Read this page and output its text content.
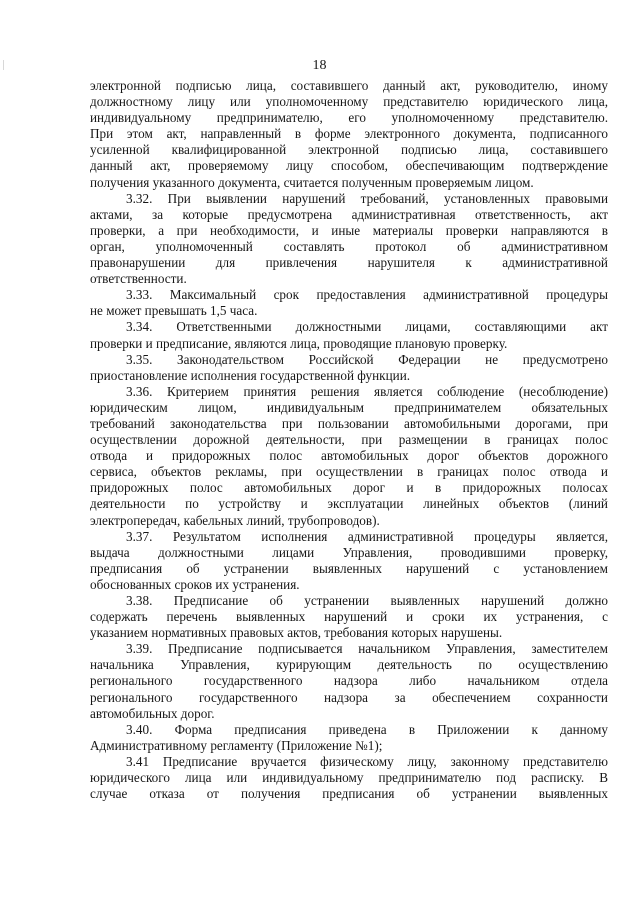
18
электронной подписью лица, составившего данный акт, руководителю, иному
должностному лицу или уполномоченному представителю юридического лица,
индивидуальному предпринимателю, его уполномоченному представителю.
При этом акт, направленный в форме электронного документа, подписанного
усиленной квалифицированной электронной подписью лица, составившего
данный акт, проверяемому лицу способом, обеспечивающим подтверждение
получения указанного документа, считается полученным проверяемым лицом.
3.32. При выявлении нарушений требований, установленных правовыми
актами, за которые предусмотрена административная ответственность, акт
проверки, а при необходимости, и иные материалы проверки направляются в
орган, уполномоченный составлять протокол об административном
правонарушении для привлечения нарушителя к административной
ответственности.
3.33. Максимальный срок предоставления административной процедуры
не может превышать 1,5 часа.
3.34. Ответственными должностными лицами, составляющими акт
проверки и предписание, являются лица, проводящие плановую проверку.
3.35. Законодательством Российской Федерации не предусмотрено
приостановление исполнения государственной функции.
3.36. Критерием принятия решения является соблюдение (несоблюдение)
юридическим лицом, индивидуальным предпринимателем обязательных
требований законодательства при пользовании автомобильными дорогами, при
осуществлении дорожной деятельности, при размещении в границах полос
отвода и придорожных полос автомобильных дорог объектов дорожного
сервиса, объектов рекламы, при осуществлении в границах полос отвода и
придорожных полос автомобильных дорог и в придорожных полосах
деятельности по устройству и эксплуатации линейных объектов (линий
электропередач, кабельных линий, трубопроводов).
3.37. Результатом исполнения административной процедуры является,
выдача должностными лицами Управления, проводившими проверку,
предписания об устранении выявленных нарушений с установлением
обоснованных сроков их устранения.
3.38. Предписание об устранении выявленных нарушений должно
содержать перечень выявленных нарушений и сроки их устранения, с
указанием нормативных правовых актов, требования которых нарушены.
3.39. Предписание подписывается начальником Управления, заместителем
начальника Управления, курирующим деятельность по осуществлению
регионального государственного надзора либо начальником отдела
регионального государственного надзора за обеспечением сохранности
автомобильных дорог.
3.40. Форма предписания приведена в Приложении к данному
Административному регламенту (Приложение №1);
3.41 Предписание вручается физическому лицу, законному представителю
юридического лица или индивидуальному предпринимателю под расписку. В
случае отказа от получения предписания об устранении выявленных
